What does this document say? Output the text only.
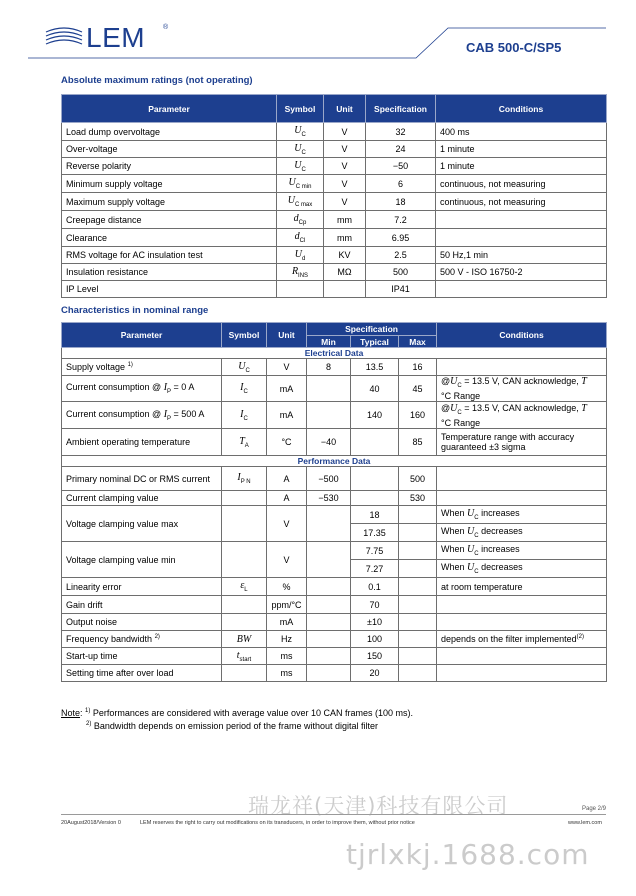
LEM	®
CAB 500-C/SP5
Absolute maximum ratings (not operating)
Parameter	Symbol	Unit	Specification	Conditions
Load dump overvoltage	$U_C$	V	32	400 ms
Over-voltage	$U_C$	V	24	1 minute
Reverse polarity	$U_C$	V	−50	1 minute
Minimum supply voltage	$U_{C min}$	V	6	continuous, not measuring
Maximum supply voltage	$U_{C max}$	V	18	continuous, not measuring
Creepage distance	$d_{Cp}$	mm	7.2	
Clearance	$d_{Cl}$	mm	6.95	
RMS voltage for AC insulation test	$U_d$	KV	2.5	50 Hz,1 min
Insulation resistance	$R_{INS}$	MΩ	500	500 V - ISO 16750-2
IP Level			IP41	
Characteristics in nominal range
Parameter	Symbol	Unit	Specification			Conditions
			Min	Typical	Max	
Electrical Data						
Supply voltage $^{1)}$	$U_C$	V	8	13.5	16	
Current consumption @ $I_P = 0$ A	$I_C$	mA		40	45	$@U_C = 13.5$ V, CAN acknowledge, T
°C Range
Current consumption @ $I_P = 500$ A	$I_C$	mA		140	160	$@U_C = 13.5$ V, CAN acknowledge, T
°C Range
Ambient operating temperature	$T_A$	°C	−40		85	Temperature range with accuracy guaranteed ±3 sigma
Performance Data						
Primary nominal DC or RMS current	$I_{P N}$	A	−500		500	
Current clamping value		A	−530		530	
Voltage clamping value max		V		18		When $U_C$ increases
				17.35		When $U_C$ decreases
Voltage clamping value min		V		7.75		When $U_C$ increases
				7.27		When $U_C$ decreases
Linearity error	$\varepsilon_L$	%		0.1		at room temperature
Gain drift		ppm/°C		70		
Output noise		mA		±10		
Frequency bandwidth $^{2)}$	BW	Hz		100		depends on the filter implemented$^{(2)}$
Start-up time	$t_{start}$	ms		150		
Setting time after over load		ms		20		
Note: $^{1)}$ Performances are considered with average value over 10 CAN frames (100 ms).
$^{2)}$ Bandwidth depends on emission period of the frame without digital filter
Page 2/9
20August2018/Version 0	LEM reserves the right to carry out modifications on its transducers, in order to improve them, without prior notice	www.lem.com
瑞龙祥(天津)科技有限公司
tjrlxkj.1688.com
